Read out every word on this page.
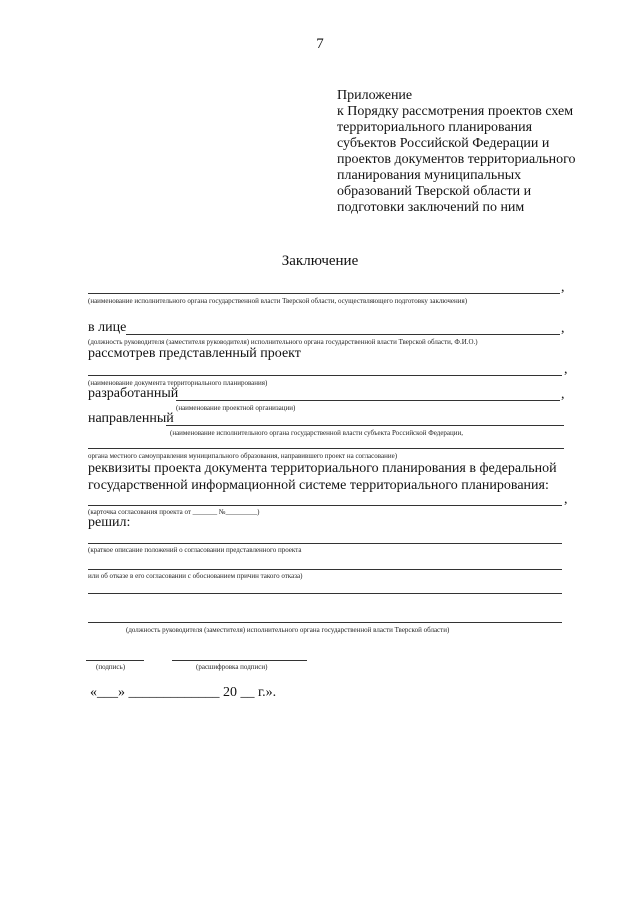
7
Приложение
к Порядку рассмотрения проектов схем
территориального планирования
субъектов Российской Федерации и
проектов документов территориального
планирования муниципальных
образований Тверской области и
подготовки заключений по ним
Заключение
,
(наименование исполнительного органа государственной власти Тверской области, осуществляющего подготовку заключения)
в лице	,
(должность руководителя (заместителя руководителя) исполнительного органа государственной власти Тверской области, Ф.И.О.)
рассмотрев представленный проект
,
(наименование документа территориального планирования)
разработанный	,
(наименование проектной организации)
направленный
(наименование исполнительного органа государственной власти субъекта Российской Федерации,
органа местного самоуправления муниципального образования, направившего проект на согласование)
реквизиты проекта документа территориального планирования в федеральной
государственной информационной системе территориального планирования:
,
(карточка согласования проекта от _______ №_________)
решил:
(краткое описание положений о согласовании представленного проекта
или об отказе в его согласовании с обоснованием причин такого отказа)
(должность руководителя (заместителя) исполнительного органа государственной власти Тверской области)
(подпись)	(расшифровка подписи)
«___» _____________ 20 __ г.».
